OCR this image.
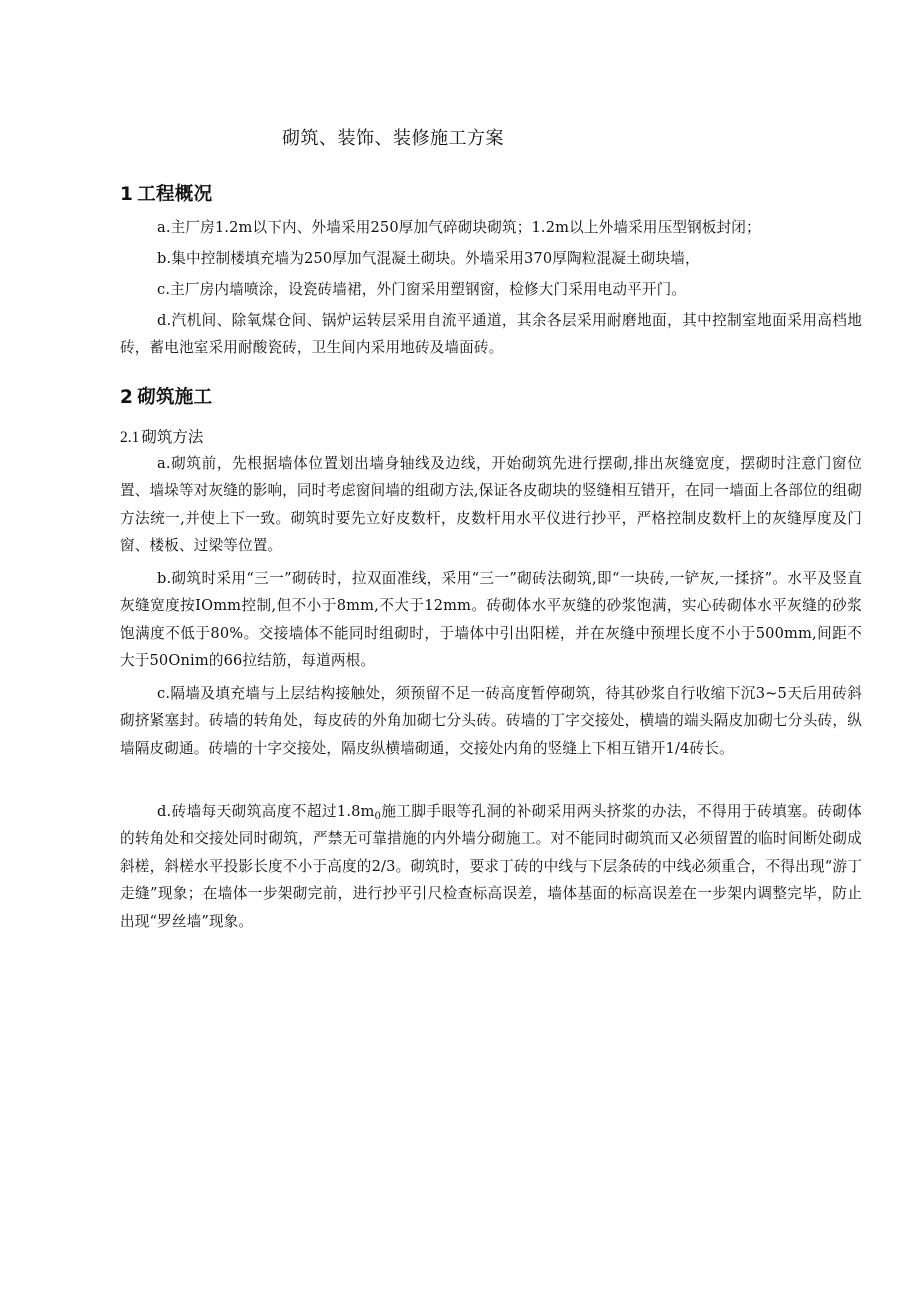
砌筑、装饰、装修施工方案
1 工程概况

a.主厂房1.2m以下内、外墙采用250厚加气碎砌块砌筑；1.2m以上外墙采用压型钢板封闭；

b.集中控制楼填充墙为250厚加气混凝土砌块。外墙采用370厚陶粒混凝土砌块墙，

c.主厂房内墙喷涂，设瓷砖墙裙，外门窗采用塑钢窗，检修大门采用电动平开门。

d.汽机间、除氧煤仓间、锅炉运转层采用自流平通道，其余各层采用耐磨地面，其中控制室地面采用高档地砖，蓄电池室采用耐酸瓷砖，卫生间内采用地砖及墙面砖。

2 砌筑施工
2.1 砌筑方法

a.砌筑前，先根据墙体位置划出墙身轴线及边线，开始砌筑先进行摆砌,排出灰缝宽度，摆砌时注意门窗位置、墙垛等对灰缝的影响，同时考虑窗间墙的组砌方法,保证各皮砌块的竖缝相互错开，在同一墙面上各部位的组砌方法统一,并使上下一致。砌筑时要先立好皮数杆，皮数杆用水平仪进行抄平，严格控制皮数杆上的灰缝厚度及门窗、楼板、过梁等位置。

b.砌筑时采用“三一”砌砖时，拉双面准线，采用“三一”砌砖法砌筑,即“一块砖,一铲灰,一揉挤”。水平及竖直灰缝宽度按IOmm控制,但不小于8mm,不大于12mm。砖砌体水平灰缝的砂浆饱满，实心砖砌体水平灰缝的砂浆饱满度不低于80%。交接墙体不能同时组砌时，于墙体中引出阳槎，并在灰缝中预埋长度不小于500mm,间距不大于50Onim的66拉结筋，每道两根。

c.隔墙及填充墙与上层结构接触处，须预留不足一砖高度暂停砌筑，待其砂浆自行收缩下沉3~5天后用砖斜砌挤紧塞封。砖墙的转角处，每皮砖的外角加砌七分头砖。砖墙的丁字交接处，横墙的端头隔皮加砌七分头砖，纵墙隔皮砌通。砖墙的十字交接处，隔皮纵横墙砌通，交接处内角的竖缝上下相互错开1/4砖长。

d.砖墙每天砌筑高度不超过$1.8m_0$施工脚手眼等孔洞的补砌采用两头挤浆的办法，不得用于砖填塞。砖砌体的转角处和交接处同时砌筑，严禁无可靠措施的内外墙分砌施工。对不能同时砌筑而又必须留置的临时间断处砌成斜槎，斜槎水平投影长度不小于高度的2/3。砌筑时，要求丁砖的中线与下层条砖的中线必须重合，不得出现“游丁走缝”现象；在墙体一步架砌完前，进行抄平引尺检查标高误差，墙体基面的标高误差在一步架内调整完毕，防止出现“罗丝墙”现象。
